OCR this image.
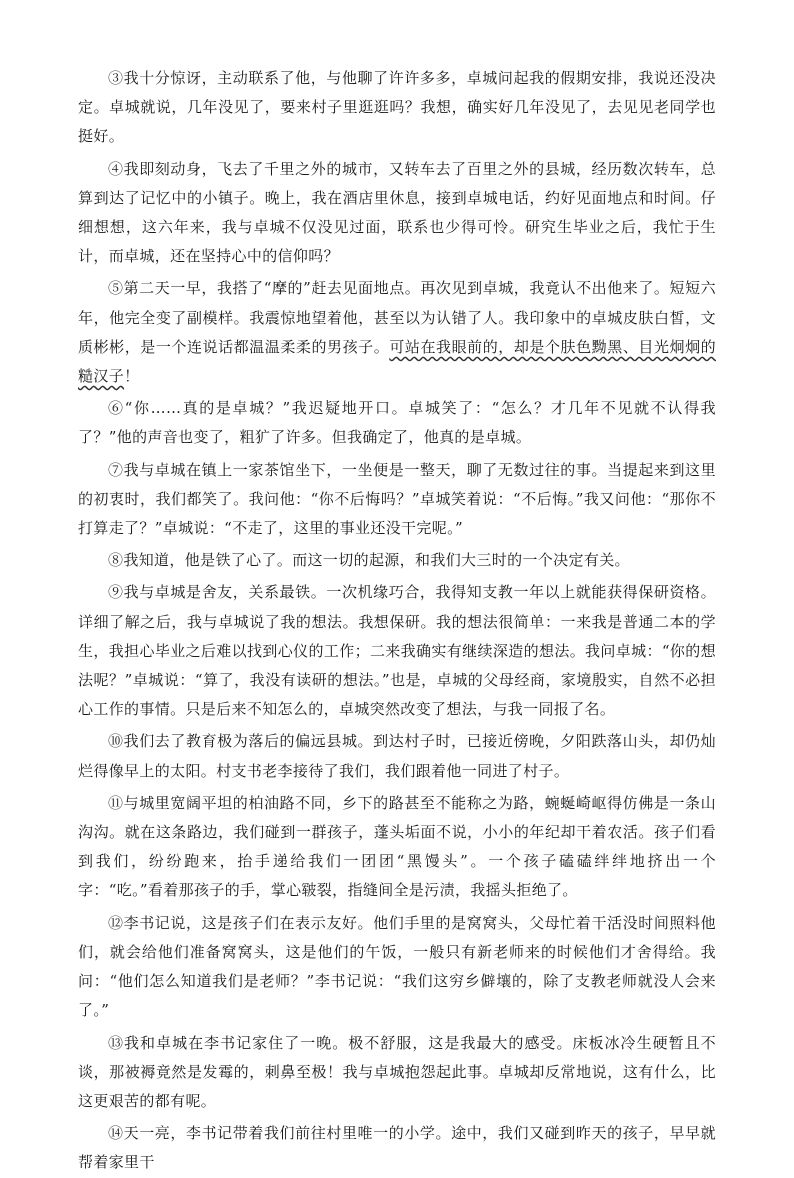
③我十分惊讶，主动联系了他，与他聊了许许多多，卓城问起我的假期安排，我说还没决定。卓城就说，几年没见了，要来村子里逛逛吗？我想，确实好几年没见了，去见见老同学也挺好。

④我即刻动身，飞去了千里之外的城市，又转车去了百里之外的县城，经历数次转车，总算到达了记忆中的小镇子。晚上，我在酒店里休息，接到卓城电话，约好见面地点和时间。仔细想想，这六年来，我与卓城不仅没见过面，联系也少得可怜。研究生毕业之后，我忙于生计，而卓城，还在坚持心中的信仰吗？

⑤第二天一早，我搭了“摩的”赶去见面地点。再次见到卓城，我竟认不出他来了。短短六年，他完全变了副模样。我震惊地望着他，甚至以为认错了人。我印象中的卓城皮肤白皙，文质彬彬，是一个连说话都温温柔柔的男孩子。可站在我眼前的，却是个肤色黝黑、目光炯炯的糙汉子！

⑥“你……真的是卓城？”我迟疑地开口。卓城笑了：“怎么？才几年不见就不认得我了？”他的声音也变了，粗犷了许多。但我确定了，他真的是卓城。

⑦我与卓城在镇上一家茶馆坐下，一坐便是一整天，聊了无数过往的事。当提起来到这里的初衷时，我们都笑了。我问他：“你不后悔吗？”卓城笑着说：“不后悔。”我又问他：“那你不打算走了？”卓城说：“不走了，这里的事业还没干完呢。”

⑧我知道，他是铁了心了。而这一切的起源，和我们大三时的一个决定有关。

⑨我与卓城是舍友，关系最铁。一次机缘巧合，我得知支教一年以上就能获得保研资格。详细了解之后，我与卓城说了我的想法。我想保研。我的想法很简单：一来我是普通二本的学生，我担心毕业之后难以找到心仪的工作；二来我确实有继续深造的想法。我问卓城：“你的想法呢？”卓城说：“算了，我没有读研的想法。”也是，卓城的父母经商，家境殷实，自然不必担心工作的事情。只是后来不知怎么的，卓城突然改变了想法，与我一同报了名。

⑩我们去了教育极为落后的偏远县城。到达村子时，已接近傍晚，夕阳跌落山头，却仍灿烂得像早上的太阳。村支书老李接待了我们，我们跟着他一同进了村子。

⑪与城里宽阔平坦的柏油路不同，乡下的路甚至不能称之为路，蜿蜒崎岖得仿佛是一条山沟沟。就在这条路边，我们碰到一群孩子，蓬头垢面不说，小小的年纪却干着农活。孩子们看到我们，纷纷跑来，抬手递给我们一团团“黑馒头”。一个孩子磕磕绊绊地挤出一个字：“吃。”看着那孩子的手，掌心皲裂，指缝间全是污渍，我摇头拒绝了。

⑫李书记说，这是孩子们在表示友好。他们手里的是窝窝头，父母忙着干活没时间照料他们，就会给他们准备窝窝头，这是他们的午饭，一般只有新老师来的时候他们才舍得给。我问：“他们怎么知道我们是老师？”李书记说：“我们这穷乡僻壤的，除了支教老师就没人会来了。”

⑬我和卓城在李书记家住了一晚。极不舒服，这是我最大的感受。床板冰冷生硬暂且不谈，那被褥竟然是发霉的，刺鼻至极！我与卓城抱怨起此事。卓城却反常地说，这有什么，比这更艰苦的都有呢。

⑭天一亮，李书记带着我们前往村里唯一的小学。途中，我们又碰到昨天的孩子，早早就帮着家里干
